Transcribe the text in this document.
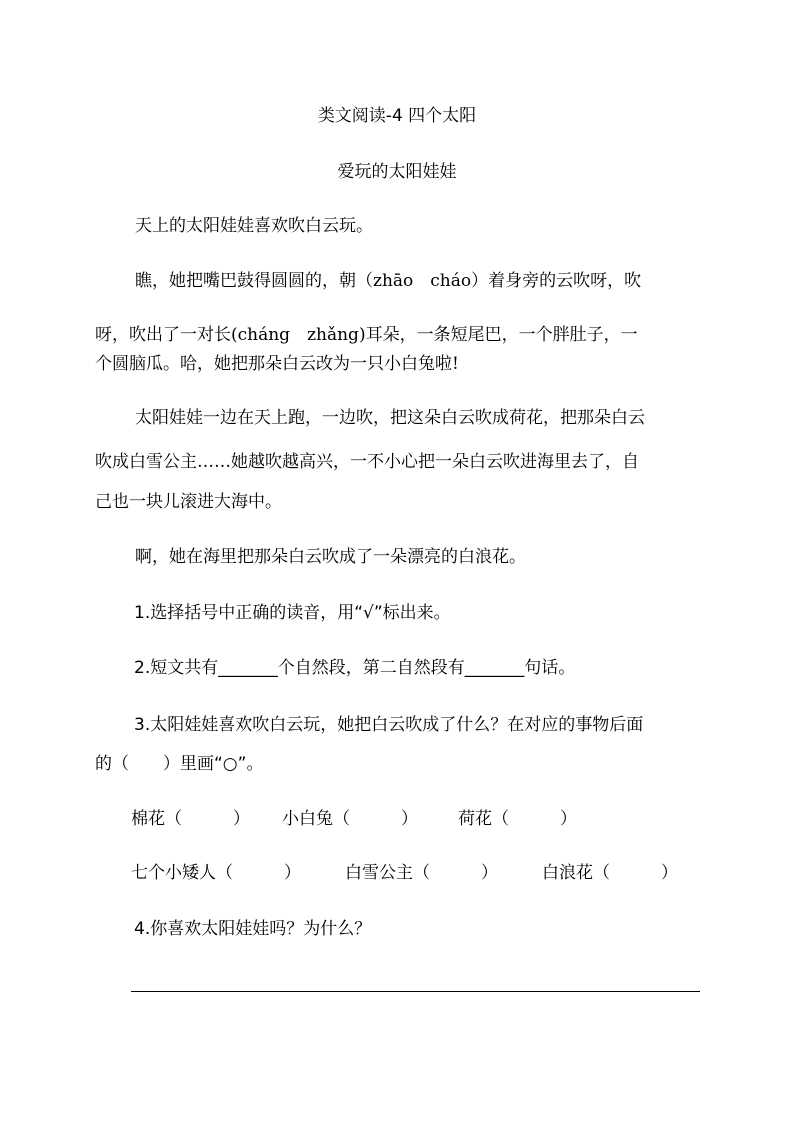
类文阅读-4 四个太阳
爱玩的太阳娃娃
天上的太阳娃娃喜欢吹白云玩。
瞧，她把嘴巴鼓得圆圆的，朝（zhāo　cháo）着身旁的云吹呀，吹
呀，吹出了一对长(cháng　zhǎng)耳朵，一条短尾巴，一个胖肚子，一
个圆脑瓜。哈，她把那朵白云改为一只小白兔啦!
太阳娃娃一边在天上跑，一边吹，把这朵白云吹成荷花，把那朵白云
吹成白雪公主……她越吹越高兴，一不小心把一朵白云吹进海里去了，自
己也一块儿滚进大海中。
啊，她在海里把那朵白云吹成了一朵漂亮的白浪花。
1.选择括号中正确的读音，用“√”标出来。
2.短文共有_______个自然段，第二自然段有_______句话。
3.太阳娃娃喜欢吹白云玩，她把白云吹成了什么？在对应的事物后面
的（　　）里画“○”。
棉花（　　　） 小白兔（　　　） 荷花（　　　）
七个小矮人（　　　）	白雪公主（　　　）	白浪花（　　　）
4.你喜欢太阳娃娃吗？为什么？
